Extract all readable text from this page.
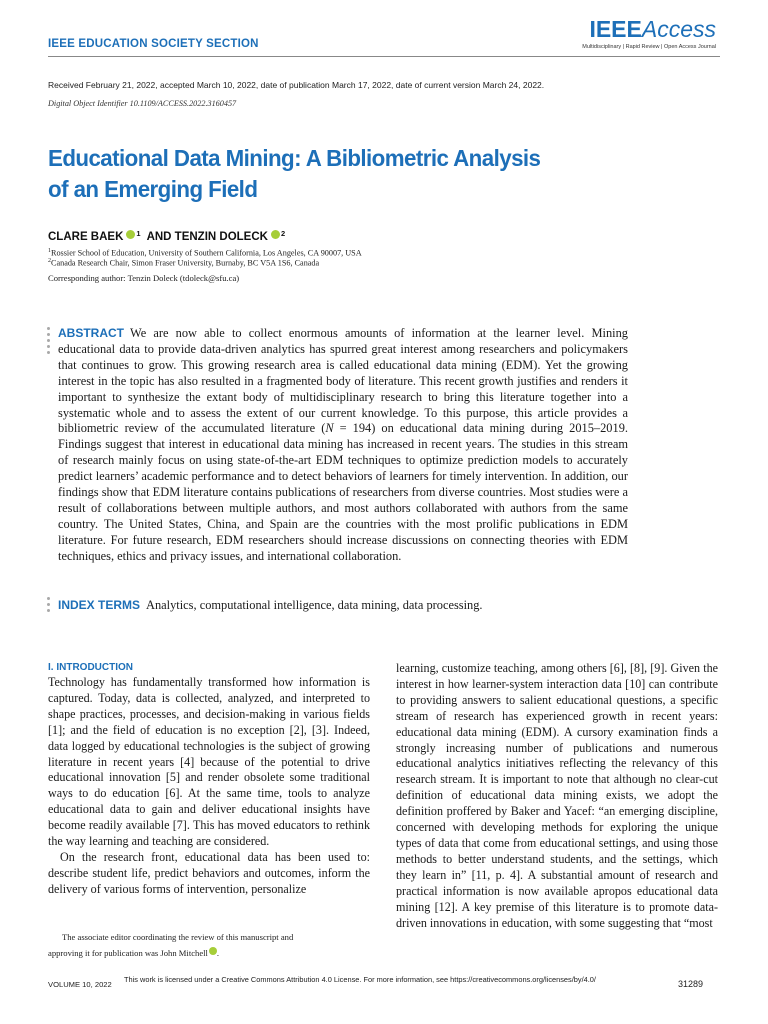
IEEE EDUCATION SOCIETY SECTION
IEEEAccess
Multidisciplinary | Rapid Review | Open Access Journal
Received February 21, 2022, accepted March 10, 2022, date of publication March 17, 2022, date of current version March 24, 2022.
Digital Object Identifier 10.1109/ACCESS.2022.3160457
Educational Data Mining: A Bibliometric Analysis
of an Emerging Field
CLARE BAEK $^1$ AND TENZIN DOLECK $^2$
$^1$Rossier School of Education, University of Southern California, Los Angeles, CA 90007, USA
$^2$Canada Research Chair, Simon Fraser University, Burnaby, BC V5A 1S6, Canada
Corresponding author: Tenzin Doleck (tdoleck@sfu.ca)
ABSTRACT We are now able to collect enormous amounts of information at the learner level. Mining educational data to provide data-driven analytics has spurred great interest among researchers and policymakers that continues to grow. This growing research area is called educational data mining (EDM). Yet the growing interest in the topic has also resulted in a fragmented body of literature. This recent growth justifies and renders it important to synthesize the extant body of multidisciplinary research to bring this literature together into a systematic whole and to assess the extent of our current knowledge. To this purpose, this article provides a bibliometric review of the accumulated literature (N = 194) on educational data mining during 2015–2019. Findings suggest that interest in educational data mining has increased in recent years. The studies in this stream of research mainly focus on using state-of-the-art EDM techniques to optimize prediction models to accurately predict learners’ academic performance and to detect behaviors of learners for timely intervention. In addition, our findings show that EDM literature contains publications of researchers from diverse countries. Most studies were a result of collaborations between multiple authors, and most authors collaborated with authors from the same country. The United States, China, and Spain are the countries with the most prolific publications in EDM literature. For future research, EDM researchers should increase discussions on connecting theories with EDM techniques, ethics and privacy issues, and international collaboration.
INDEX TERMS Analytics, computational intelligence, data mining, data processing.
I. INTRODUCTION

Technology has fundamentally transformed how information is captured. Today, data is collected, analyzed, and interpreted to shape practices, processes, and decision-making in various fields [1]; and the field of education is no exception [2], [3]. Indeed, data logged by educational technologies is the subject of growing literature in recent years [4] because of the potential to drive educational innovation [5] and render obsolete some traditional ways to do education [6]. At the same time, tools to analyze educational data to gain and deliver educational insights have become readily available [7]. This has moved educators to rethink the way learning and teaching are considered.

On the research front, educational data has been used to: describe student life, predict behaviors and outcomes, inform the delivery of various forms of intervention, personalize

learning, customize teaching, among others [6], [8], [9]. Given the interest in how learner-system interaction data [10] can contribute to providing answers to salient educational questions, a specific stream of research has experienced growth in recent years: educational data mining (EDM). A cursory examination finds a strongly increasing number of publications and numerous educational analytics initiatives reflecting the relevancy of this research stream. It is important to note that although no clear-cut definition of educational data mining exists, we adopt the definition proffered by Baker and Yacef: “an emerging discipline, concerned with developing methods for exploring the unique types of data that come from educational settings, and using those methods to better understand students, and the settings, which they learn in” [11, p. 4]. A substantial amount of research and practical information is now available apropos educational data mining [12]. A key premise of this literature is to promote data-driven innovations in education, with some suggesting that “most

The associate editor coordinating the review of this manuscript and
approving it for publication was John Mitchell .
VOLUME 10, 2022
This work is licensed under a Creative Commons Attribution 4.0 License. For more information, see https://creativecommons.org/licenses/by/4.0/	31289
